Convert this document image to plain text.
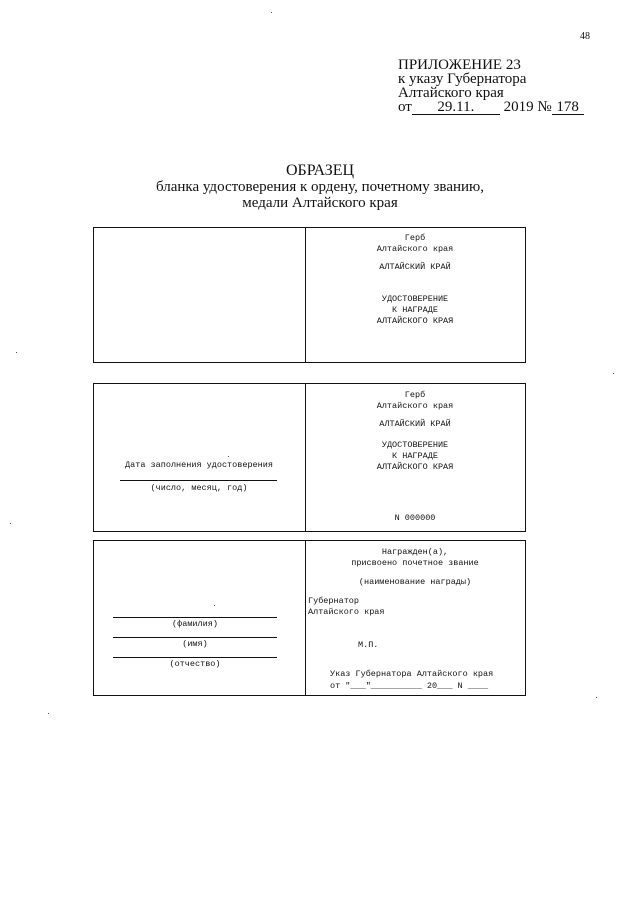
48
ПРИЛОЖЕНИЕ 23
к указу Губернатора
Алтайского края
от 29.11. 2019 № 178
ОБРАЗЕЦ
бланка удостоверения к ордену, почетному званию,
медали Алтайского края
Герб
Алтайского края
АЛТАЙСКИЙ КРАЙ
УДОСТОВЕРЕНИЕ
К НАГРАДЕ
АЛТАЙСКОГО КРАЯ
Дата заполнения удостоверения
(число, месяц, год)
Герб
Алтайского края
АЛТАЙСКИЙ КРАЙ
УДОСТОВЕРЕНИЕ
К НАГРАДЕ
АЛТАЙСКОГО КРАЯ
N 000000
(фамилия)
(имя)
(отчество)
Награжден(а),
присвоено почетное звание
(наименование награды)
Губернатор
Алтайского края
М.П.
Указ Губернатора Алтайского края
от "___"__________ 20___ N ____
